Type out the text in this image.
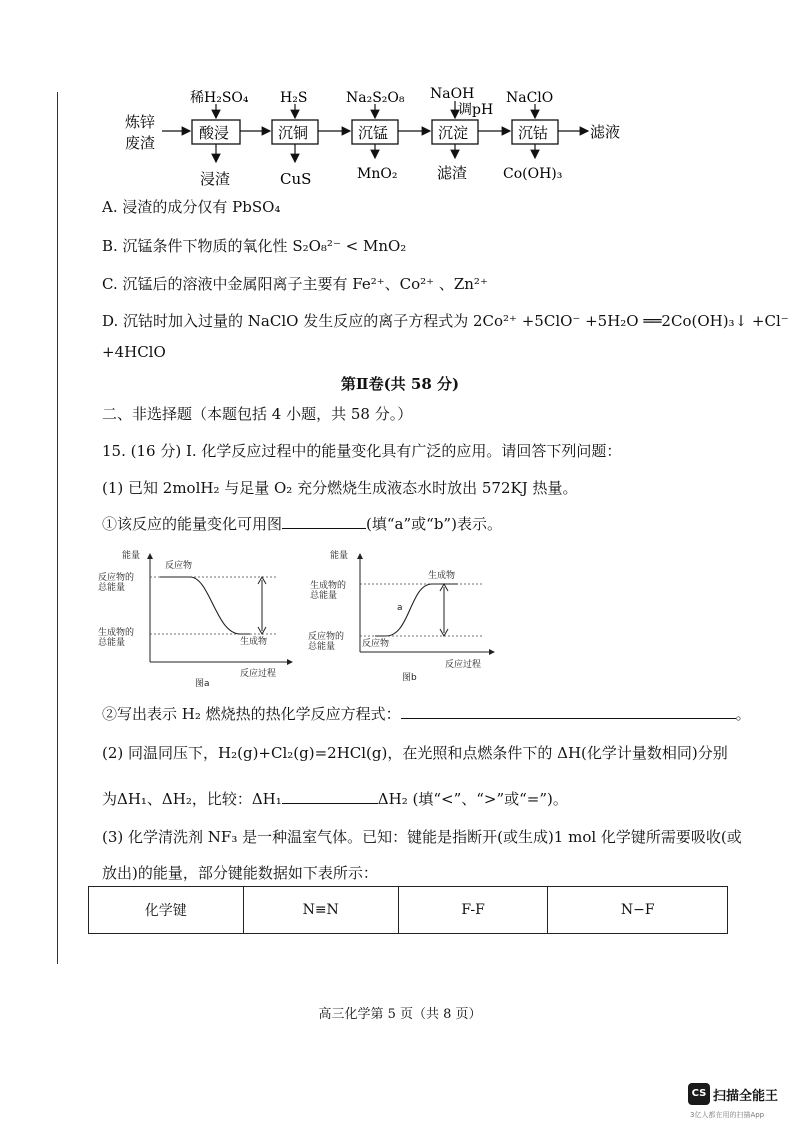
炼锌
废渣
酸浸	沉铜	沉锰	沉淀	沉钴	滤液
稀H₂SO₄ H₂S	Na₂S₂O₈ NaOH
调pH
NaClO
浸渣	CuS	MnO₂	滤渣	Co(OH)₃
A. 浸渣的成分仅有 PbSO₄
B. 沉锰条件下物质的氧化性 S₂O₈²⁻ < MnO₂
C. 沉锰后的溶液中金属阳离子主要有 Fe²⁺、Co²⁺ 、Zn²⁺
D. 沉钴时加入过量的 NaClO 发生反应的离子方程式为 2Co²⁺ +5ClO⁻ +5H₂O ══2Co(OH)₃↓ +Cl⁻
+4HClO
第Ⅱ卷(共 58 分)
二、非选择题（本题包括 4 小题，共 58 分。）
15. (16 分) Ⅰ. 化学反应过程中的能量变化具有广泛的应用。请回答下列问题：
(1) 已知 2molH₂ 与足量 O₂ 充分燃烧生成液态水时放出 572KJ 热量。
①该反应的能量变化可用图	(填“a”或“b”)表示。
能量
反应物的
总能量
生成物的
总能量
反应物
生成物
反应过程
图a
能量
生成物的
总能量
反应物的
总能量
生成物
反应物
a
反应过程
图b
②写出表示 H₂ 燃烧热的热化学反应方程式：	。
(2) 同温同压下，H₂(g)+Cl₂(g)=2HCl(g)，在光照和点燃条件下的 ΔH(化学计量数相同)分别
为ΔH₁、ΔH₂，比较：ΔH₁	ΔH₂ (填“<”、“>”或“=”)。
(3) 化学清洗剂 NF₃ 是一种温室气体。已知：键能是指断开(或生成)1 mol 化学键所需要吸收(或
放出)的能量，部分键能数据如下表所示：
化学键	N≡N	F-F	N−F
高三化学第 5 页（共 8 页）
CS 扫描全能王
3亿人都在用的扫描App
